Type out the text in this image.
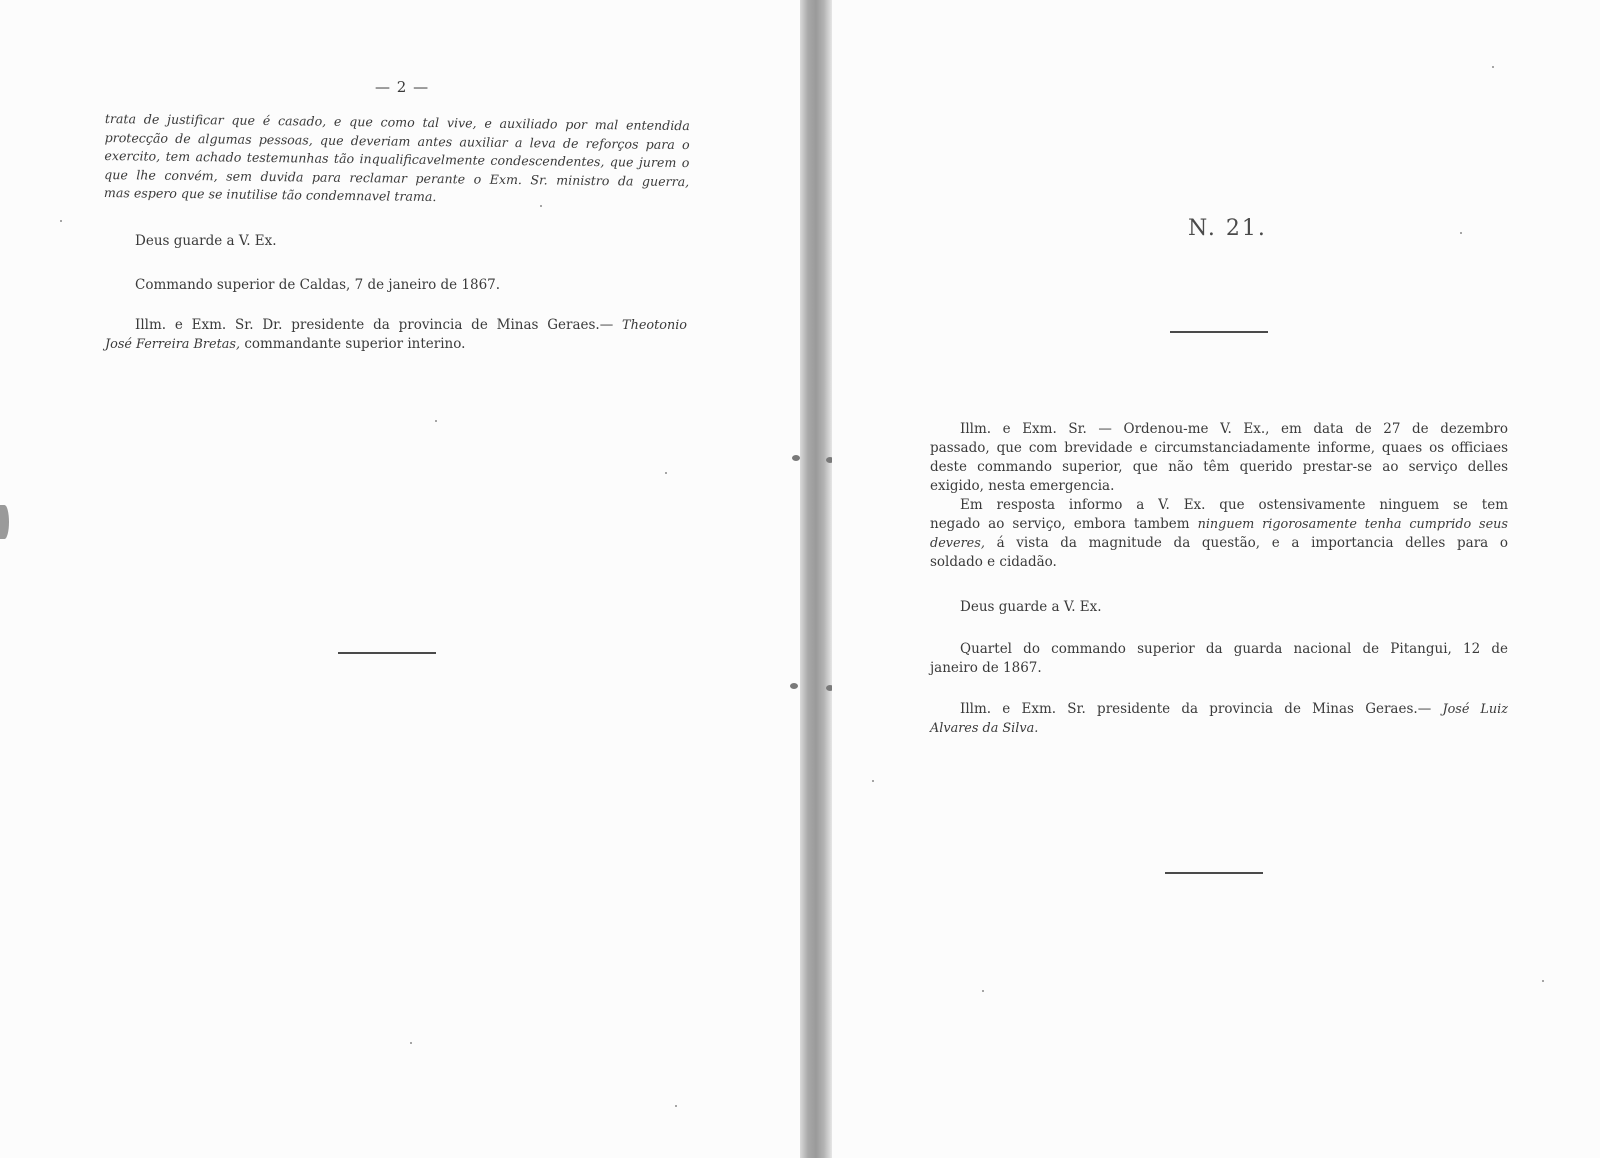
— 2 —
trata de justificar que é casado, e que como tal vive, e auxiliado por mal entendida
protecção de algumas pessoas, que deveriam antes auxiliar a leva de reforços para o
exercito, tem achado testemunhas tão inqualificavelmente condescendentes, que jurem o
que lhe convém, sem duvida para reclamar perante o Exm. Sr. ministro da guerra,
mas espero que se inutilise tão condemnavel trama.
Deus guarde a V. Ex.
Commando superior de Caldas, 7 de janeiro de 1867.
Illm. e Exm. Sr. Dr. presidente da provincia de Minas Geraes.— Theotonio
José Ferreira Bretas, commandante superior interino.
N. 21.
Illm. e Exm. Sr. — Ordenou-me V. Ex., em data de 27 de dezembro
passado, que com brevidade e circumstanciadamente informe, quaes os officiaes
deste commando superior, que não têm querido prestar-se ao serviço delles
exigido, nesta emergencia.
Em resposta informo a V. Ex. que ostensivamente ninguem se tem
negado ao serviço, embora tambem ninguem rigorosamente tenha cumprido seus
deveres, á vista da magnitude da questão, e a importancia delles para o
soldado e cidadão.
Deus guarde a V. Ex.
Quartel do commando superior da guarda nacional de Pitangui, 12 de
janeiro de 1867.
Illm. e Exm. Sr. presidente da provincia de Minas Geraes.— José Luiz
Alvares da Silva.
